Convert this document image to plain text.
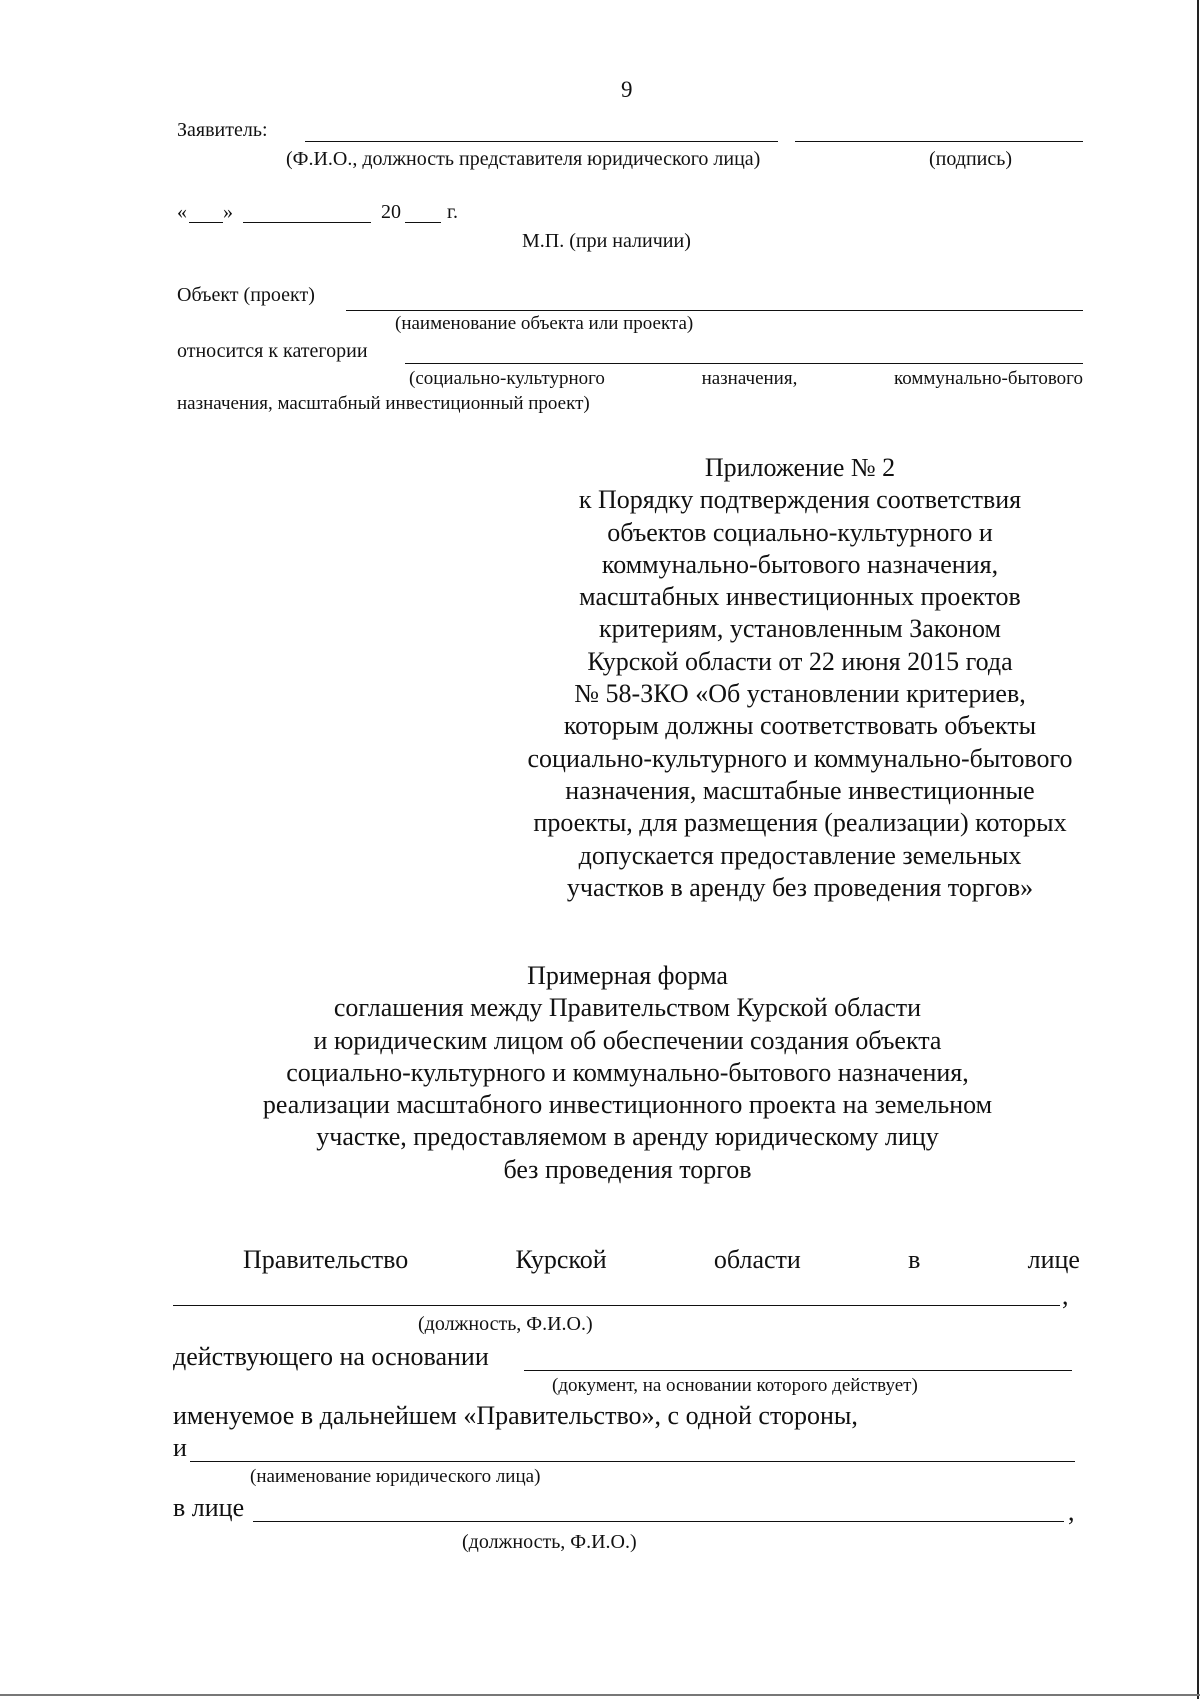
9
Заявитель:
(Ф.И.О., должность представителя юридического лица)	(подпись)
« »	20 г.
М.П. (при наличии)
Объект (проект)
(наименование объекта или проекта)
относится к категории
(социально-культурного	назначения,	коммунально-бытового
назначения, масштабный инвестиционный проект)
Приложение № 2
к Порядку подтверждения соответствия
объектов социально-культурного и
коммунально-бытового назначения,
масштабных инвестиционных проектов
критериям, установленным Законом
Курской области от 22 июня 2015 года
№ 58-ЗКО «Об установлении критериев,
которым должны соответствовать объекты
социально-культурного и коммунально-бытового
назначения, масштабные инвестиционные
проекты, для размещения (реализации) которых
допускается предоставление земельных
участков в аренду без проведения торгов»
Примерная форма
соглашения между Правительством Курской области
и юридическим лицом об обеспечении создания объекта
социально-культурного и коммунально-бытового назначения,
реализации масштабного инвестиционного проекта на земельном
участке, предоставляемом в аренду юридическому лицу
без проведения торгов
Правительство	Курской	области	в	лице
,
(должность, Ф.И.О.)
действующего на основании
(документ, на основании которого действует)
именуемое в дальнейшем «Правительство», с одной стороны,
и
(наименование юридического лица)
в лице	,
(должность, Ф.И.О.)
